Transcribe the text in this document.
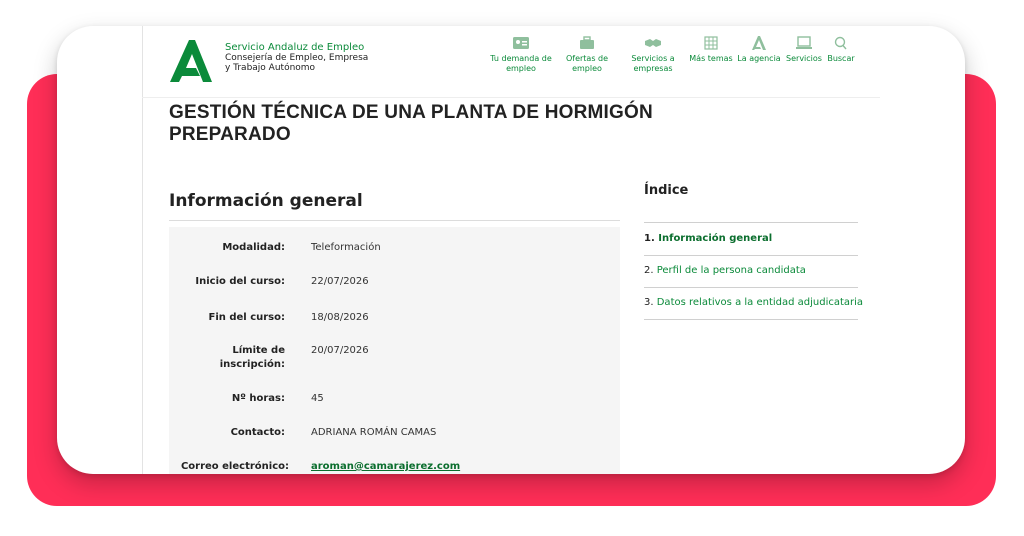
Servicio Andaluz de Empleo
Consejería de Empleo, Empresa
y Trabajo Autónomo
Tu demanda de
empleo
Ofertas de
empleo
Servicios a
empresas
Más temas La agencia Servicios Buscar
GESTIÓN TÉCNICA DE UNA PLANTA DE HORMIGÓN
PREPARADO
Información general
Modalidad:	Teleformación
Inicio del curso:	22/07/2026
Fin del curso:	18/08/2026
Límite de
inscripción:
20/07/2026
Nº horas:	45
Contacto:	ADRIANA ROMÁN CAMAS
Correo electrónico: aroman@camarajerez.com
Índice
1. Información general
2. Perfil de la persona candidata
3. Datos relativos a la entidad adjudicataria
